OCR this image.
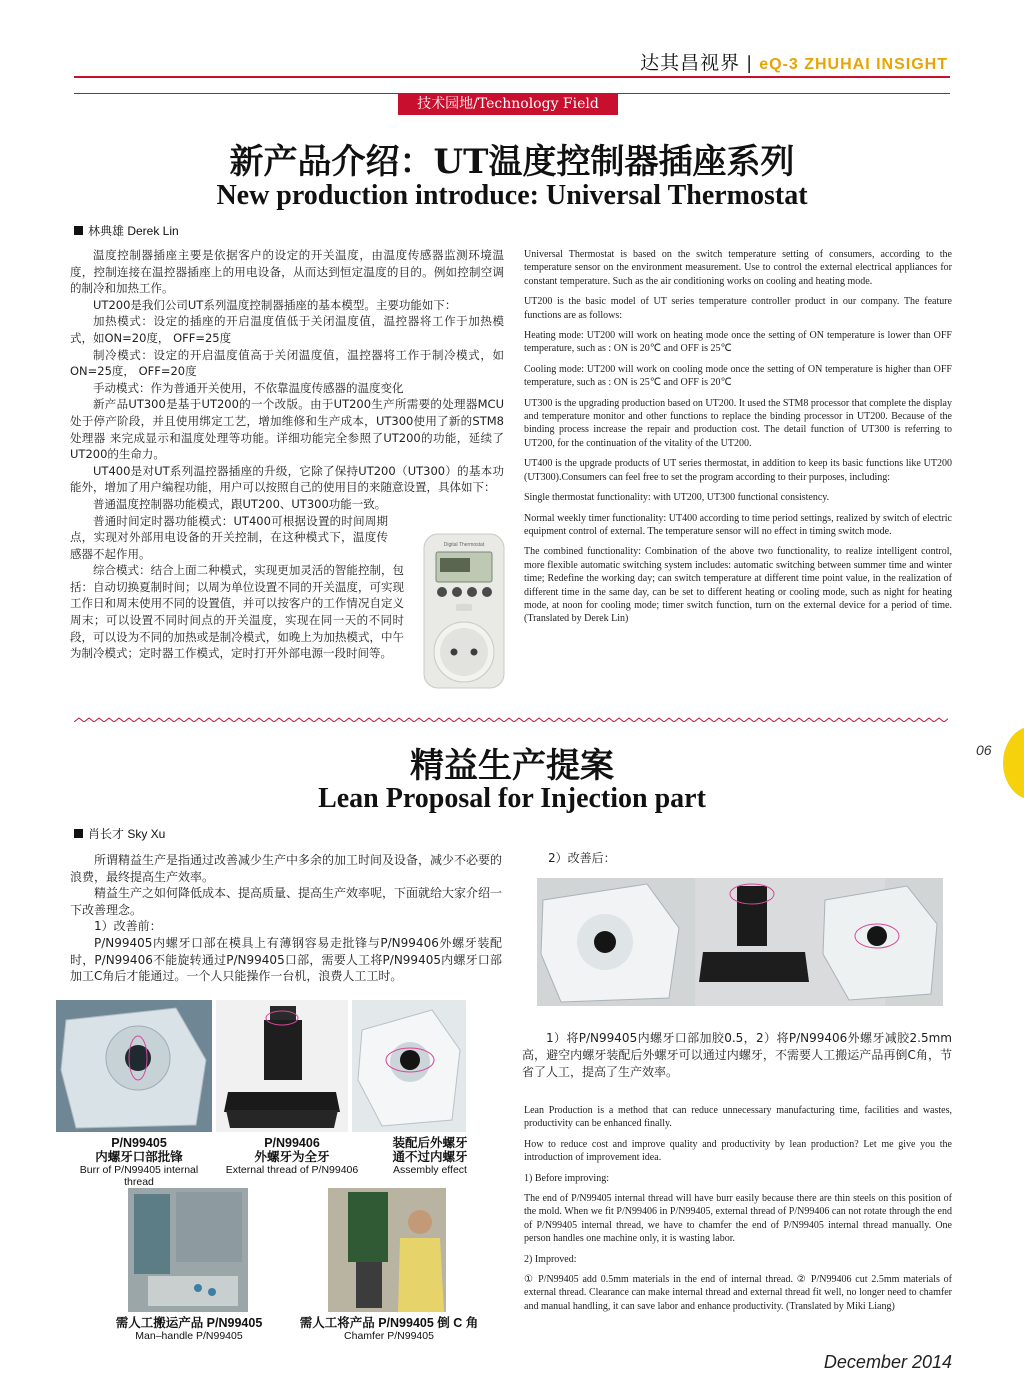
达其昌视界 | eQ-3 ZHUHAI INSIGHT
技术园地/Technology Field
新产品介绍：UT温度控制器插座系列
New production introduce: Universal Thermostat
林典雄 Derek Lin

温度控制器插座主要是依据客户的设定的开关温度，由温度传感器监测环境温度，控制连接在温控器插座上的用电设备，从而达到恒定温度的目的。例如控制空调的制冷和加热工作。

UT200是我们公司UT系列温度控制器插座的基本模型。主要功能如下：

加热模式：设定的插座的开启温度值低于关闭温度值，温控器将工作于加热模式，如ON=20度， OFF=25度

制冷模式：设定的开启温度值高于关闭温度值，温控器将工作于制冷模式，如ON=25度， OFF=20度

手动模式：作为普通开关使用，不依靠温度传感器的温度变化

新产品UT300是基于UT200的一个改版。由于UT200生产所需要的处理器MCU处于停产阶段，并且使用绑定工艺，增加维修和生产成本，UT300使用了新的STM8处理器 来完成显示和温度处理等功能。详细功能完全参照了UT200的功能，延续了UT200的生命力。

UT400是对UT系列温控器插座的升级，它除了保持UT200（UT300）的基本功能外，增加了用户编程功能，用户可以按照自己的使用目的来随意设置，具体如下：

普通温度控制器功能模式，跟UT200、UT300功能一致。

普通时间定时器功能模式：UT400可根据设置的时间周期点，实现对外部用电设备的开关控制，在这种模式下，温度传感器不起作用。

综合模式：结合上面二种模式，实现更加灵活的智能控制，包括：自动切换夏制时间；以周为单位设置不同的开关温度，可实现工作日和周末使用不同的设置值，并可以按客户的工作情况自定义周末；可以设置不同时间点的开关温度，实现在同一天的不同时段，可以设为不同的加热或是制冷模式，如晚上为加热模式，中午为制冷模式；定时器工作模式，定时打开外部电源一段时间等。

Digital Thermostat

Universal Thermostat is based on the switch temperature setting of consumers, according to the temperature sensor on the environment measurement. Use to control the external electrical appliances for constant temperature. Such as the air conditioning works on cooling and heating mode.

UT200 is the basic model of UT series temperature controller product in our company. The feature functions are as follows:

Heating mode: UT200 will work on heating mode once the setting of ON temperature is lower than OFF temperature, such as : ON is 20℃ and OFF is 25℃

Cooling mode: UT200 will work on cooling mode once the setting of ON temperature is higher than OFF temperature, such as : ON is 25℃ and OFF is 20℃

UT300 is the upgrading production based on UT200. It used the STM8 processor that complete the display and temperature monitor and other functions to replace the binding processor in UT200. Because of the binding process increase the repair and production cost. The detail function of UT300 is referring to UT200, for the continuation of the vitality of the UT200.

UT400 is the upgrade products of UT series thermostat, in addition to keep its basic functions like UT200 (UT300).Consumers can feel free to set the program according to their purposes, including:

Single thermostat functionality: with UT200, UT300 functional consistency.

Normal weekly timer functionality: UT400 according to time period settings, realized by switch of electric equipment control of external. The temperature sensor will no effect in timing switch mode.

The combined functionality: Combination of the above two functionality, to realize intelligent control, more flexible automatic switching system includes: automatic switching between summer time and winter time; Redefine the working day; can switch temperature at different time point value, in the realization of different time in the same day, can be set to different heating or cooling mode, such as night for heating mode, at noon for cooling mode; timer switch function, turn on the external device for a period of time.(Translated by Derek Lin)

06
精益生产提案
Lean Proposal for Injection part
肖长才 Sky Xu

所谓精益生产是指通过改善减少生产中多余的加工时间及设备，减少不必要的浪费，最终提高生产效率。

精益生产之如何降低成本、提高质量、提高生产效率呢，下面就给大家介绍一下改善理念。

1）改善前：

P/N99405内螺牙口部在模具上有薄钢容易走批锋与P/N99406外螺牙装配时，P/N99406不能旋转通过P/N99405口部，需要人工将P/N99405内螺牙口部加工C角后才能通过。一个人只能操作一台机，浪费人工工时。

P/N99405
内螺牙口部批锋
Burr of P/N99405 internal thread
P/N99406
外螺牙为全牙
External thread of P/N99406
装配后外螺牙
通不过内螺牙
Assembly effect
需人工搬运产品 P/N99405
Man–handle P/N99405
需人工将产品 P/N99405 倒 C 角
Chamfer P/N99405
2）改善后：

1）将P/N99405内螺牙口部加胶0.5，2）将P/N99406外螺牙减胶2.5mm高，避空内螺牙装配后外螺牙可以通过内螺牙，不需要人工搬运产品再倒C角，节省了人工，提高了生产效率。

Lean Production is a method that can reduce unnecessary manufacturing time, facilities and wastes, productivity can be enhanced finally.

How to reduce cost and improve quality and productivity by lean production? Let me give you the introduction of improvement idea.

1) Before improving:

The end of P/N99405 internal thread will have burr easily because there are thin steels on this position of the mold. When we fit P/N99406 in P/N99405, external thread of P/N99406 can not rotate through the end of P/N99405 internal thread, we have to chamfer the end of P/N99405 internal thread manually. One person handles one machine only, it is wasting labor.

2) Improved:

① P/N99405 add 0.5mm materials in the end of internal thread. ② P/N99406 cut 2.5mm materials of external thread. Clearance can make internal thread and external thread fit well, no longer need to chamfer and manual handling, it can save labor and enhance productivity. (Translated by Miki Liang)

December 2014
